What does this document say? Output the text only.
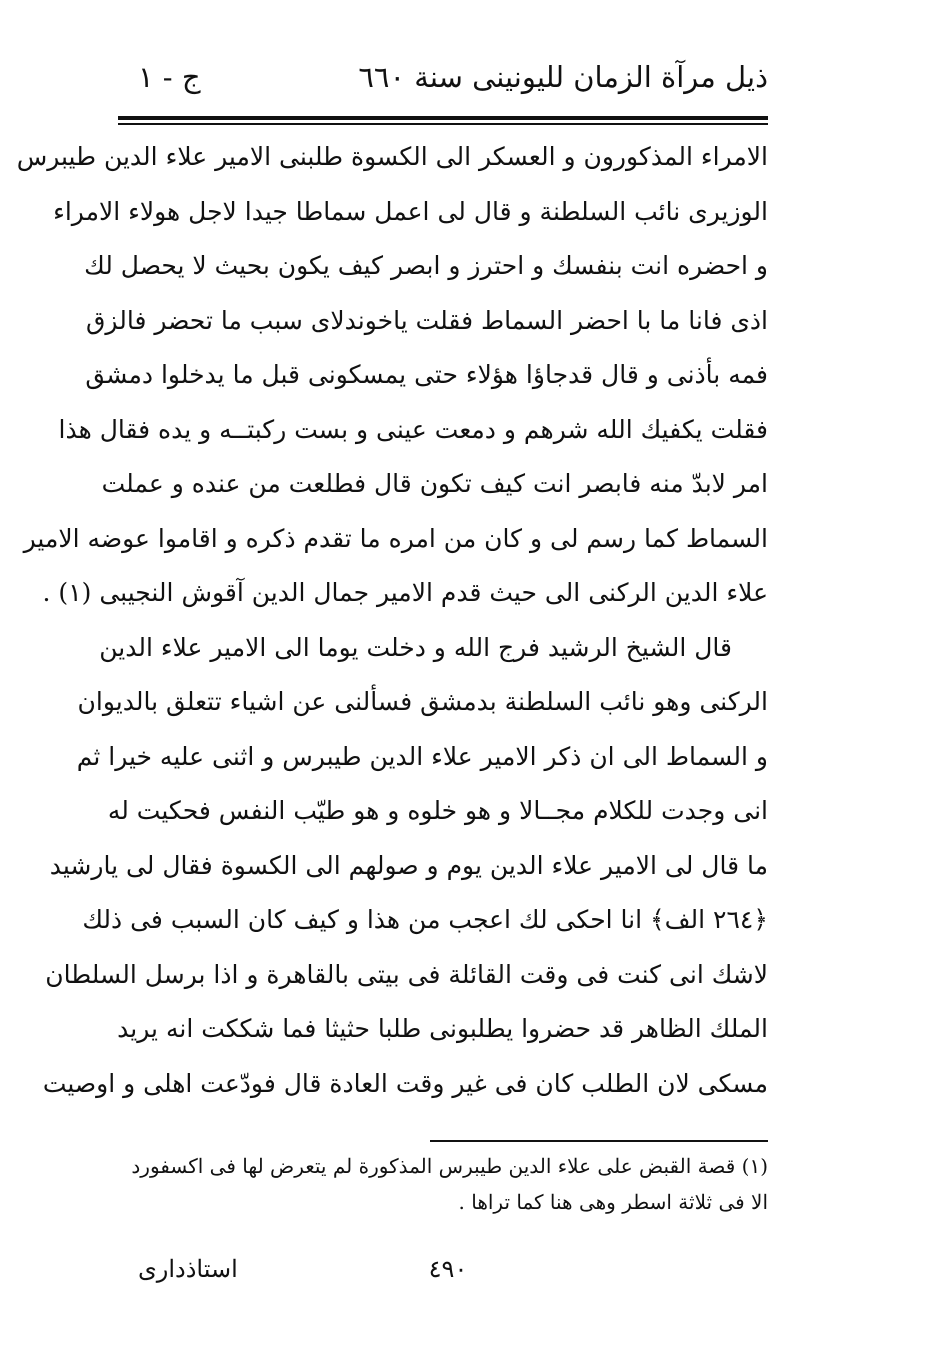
ذيل مرآة الزمان لليونينى سنة ٦٦٠
ج - ١
الامراء المذكورون و العسكر الى الكسوة طلبنى الامير علاء الدين طيبرس
الوزيرى نائب السلطنة و قال لى اعمل سماطا جيدا لاجل هولاء الامراء
و احضره انت بنفسك و احترز و ابصر كيف يكون بحيث لا يحصل لك
اذى فانا ما با احضر السماط فقلت ياخوندلاى سبب ما تحضر فالزق
فمه بأذنى و قال قدجاؤا هؤلاء حتى يمسكونى قبل ما يدخلوا دمشق
فقلت يكفيك الله شرهم و دمعت عينى و بست ركبتــه و يده فقال هذا
امر لابدّ منه فابصر انت كيف تكون قال فطلعت من عنده و عملت
السماط كما رسم لى و كان من امره ما تقدم ذكره و اقاموا عوضه الامير
علاء الدين الركنى الى حيث قدم الامير جمال الدين آقوش النجيبى (١) .
قال الشيخ الرشيد فرج الله و دخلت يوما الى الامير علاء الدين
الركنى وهو نائب السلطنة بدمشق فسألنى عن اشياء تتعلق بالديوان
و السماط الى ان ذكر الامير علاء الدين طيبرس و اثنى عليه خيرا ثم
انى وجدت للكلام مجــالا و هو خلوه و هو طيّب النفس فحكيت له
ما قال لى الامير علاء الدين يوم و صولهم الى الكسوة فقال لى يارشيد
﴿٢٦٤ الف﴾ انا احكى لك اعجب من هذا و كيف كان السبب فى ذلك
لاشك انى كنت فى وقت القائلة فى بيتى بالقاهرة و اذا برسل السلطان
الملك الظاهر قد حضروا يطلبونى طلبا حثيثا فما شككت انه يريد
مسكى لان الطلب كان فى غير وقت العادة قال فودّعت اهلى و اوصيت
(١) قصة القبض على علاء الدين طيبرس المذكورة لم يتعرض لها فى اكسفورد
الا فى ثلاثة اسطر وهى هنا كما تراها .
٤٩٠
استاذدارى
